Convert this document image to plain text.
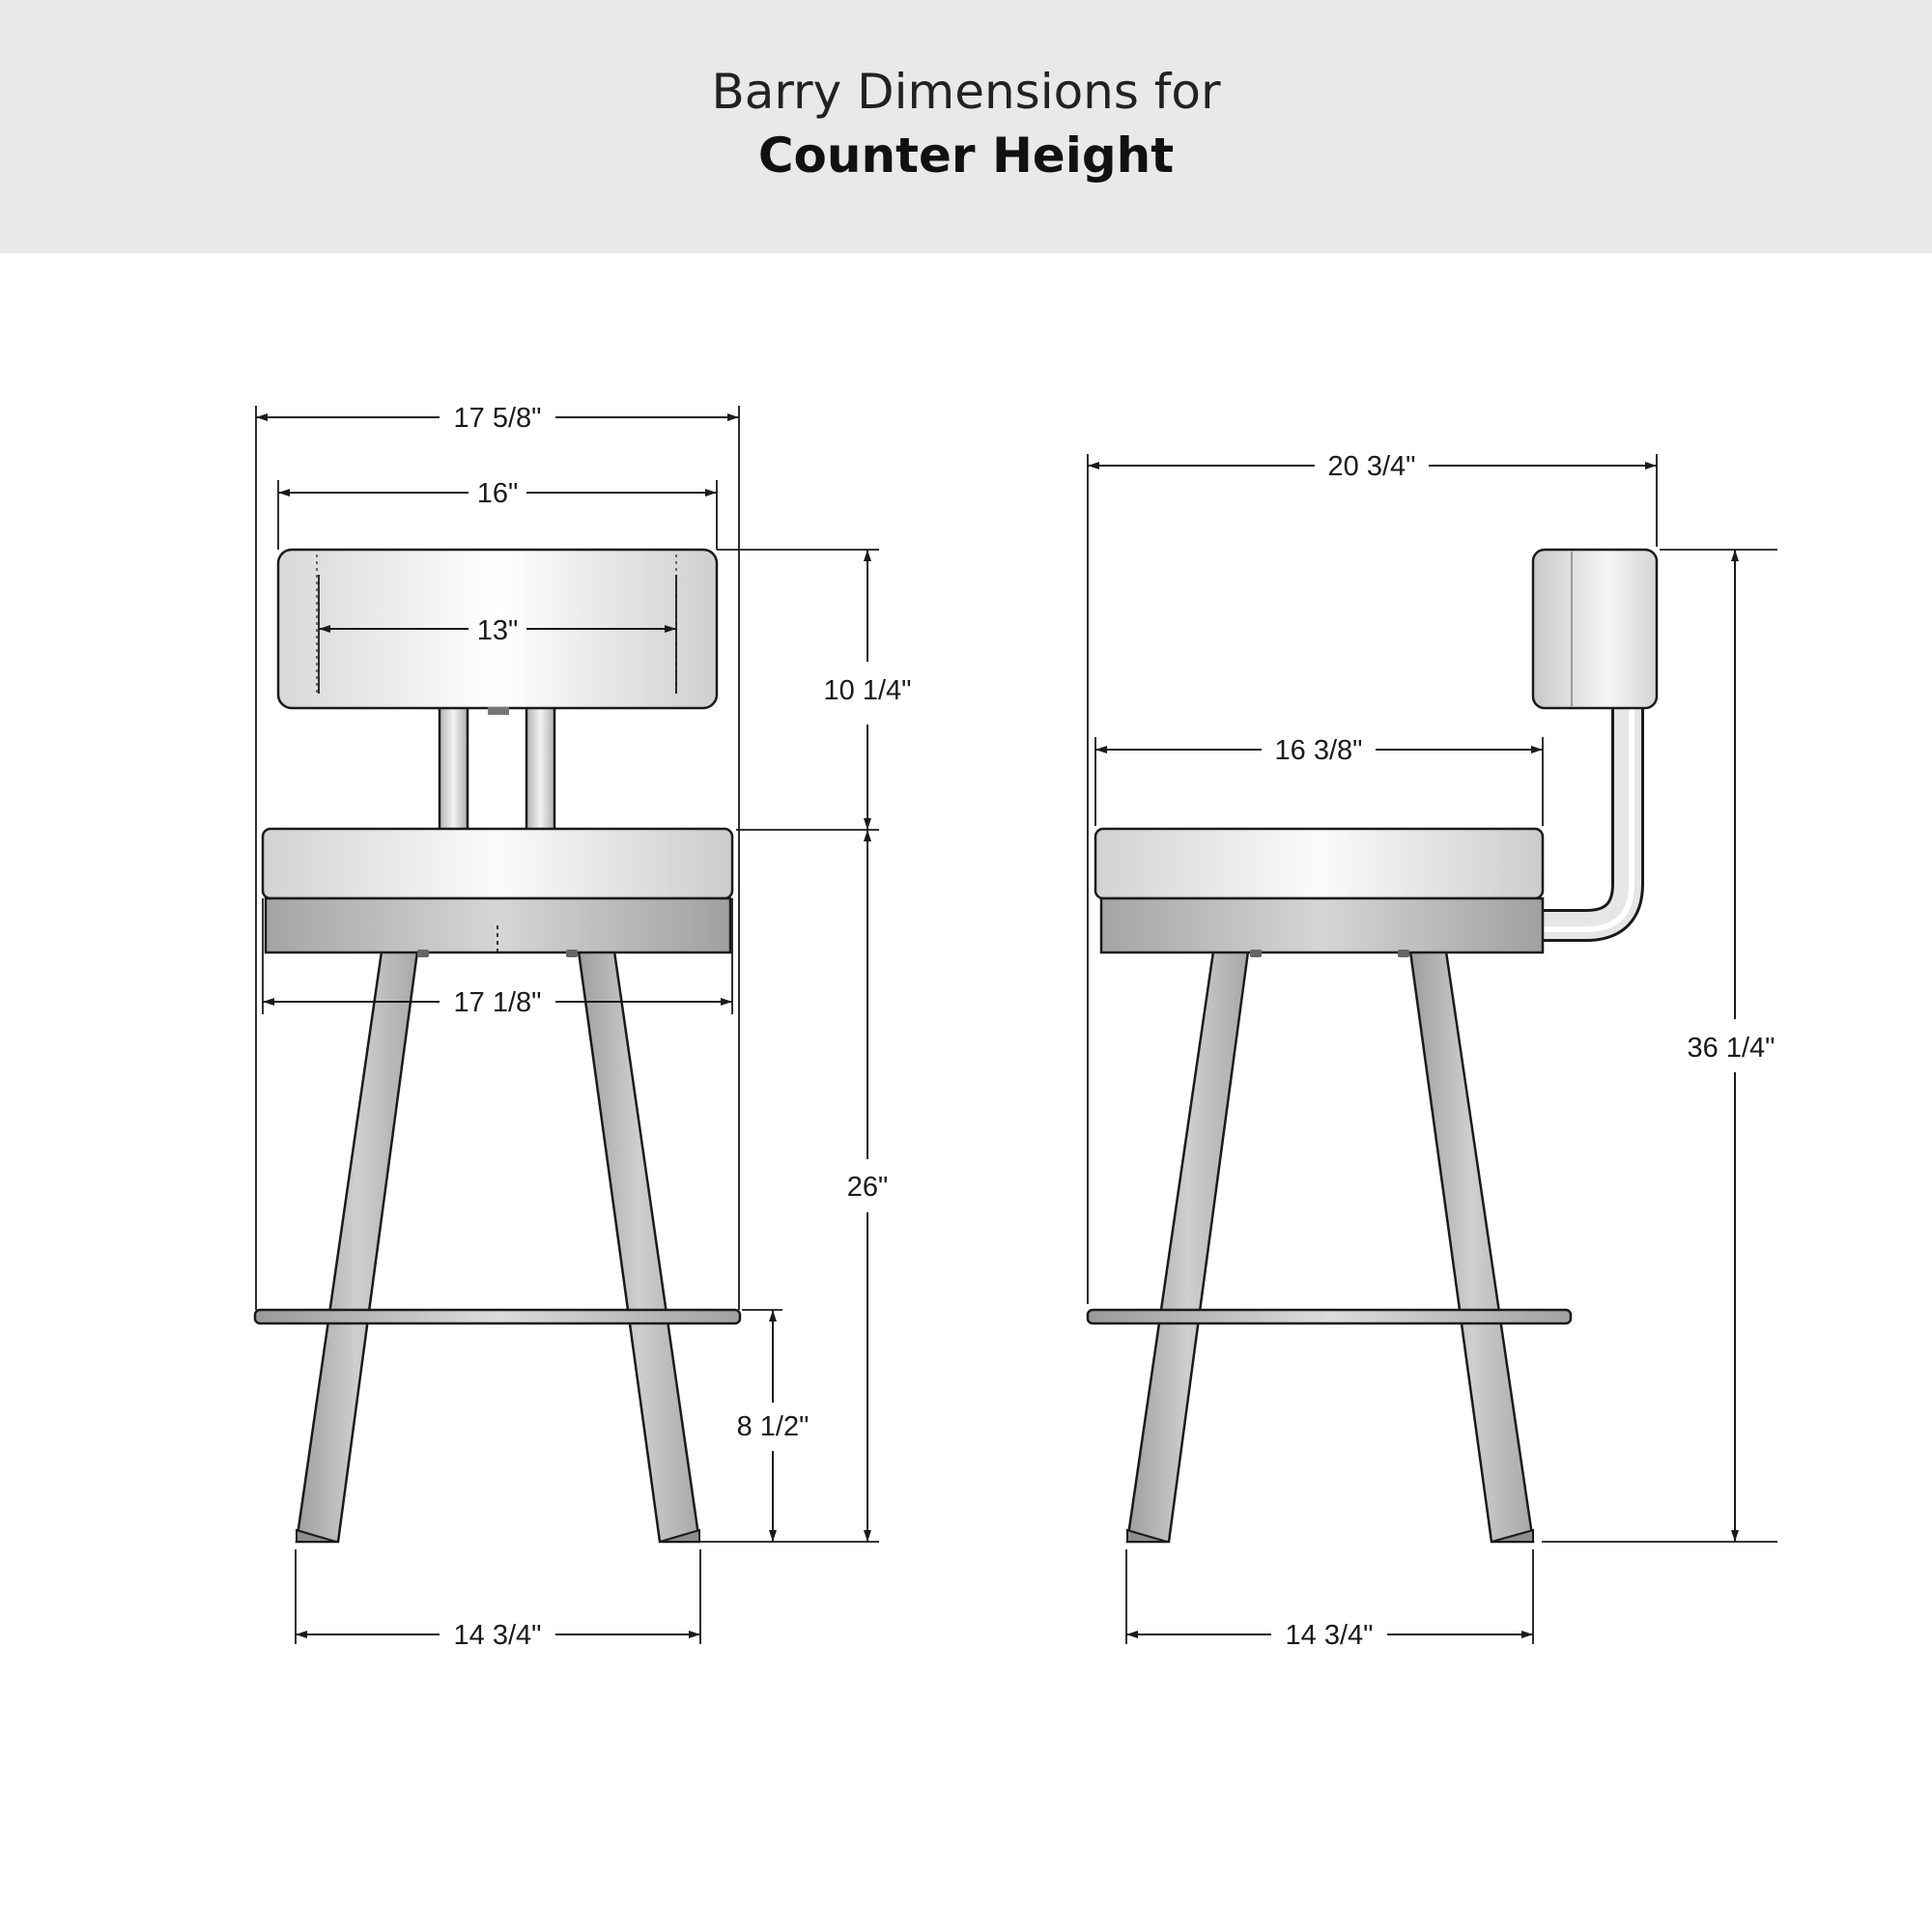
Barry Dimensions for
Counter Height
17 5/8"
16"
13"
10 1/4"
17 1/8"
26"
8 1/2"
14 3/4"
20 3/4"
16 3/8"
36 1/4"
14 3/4"
